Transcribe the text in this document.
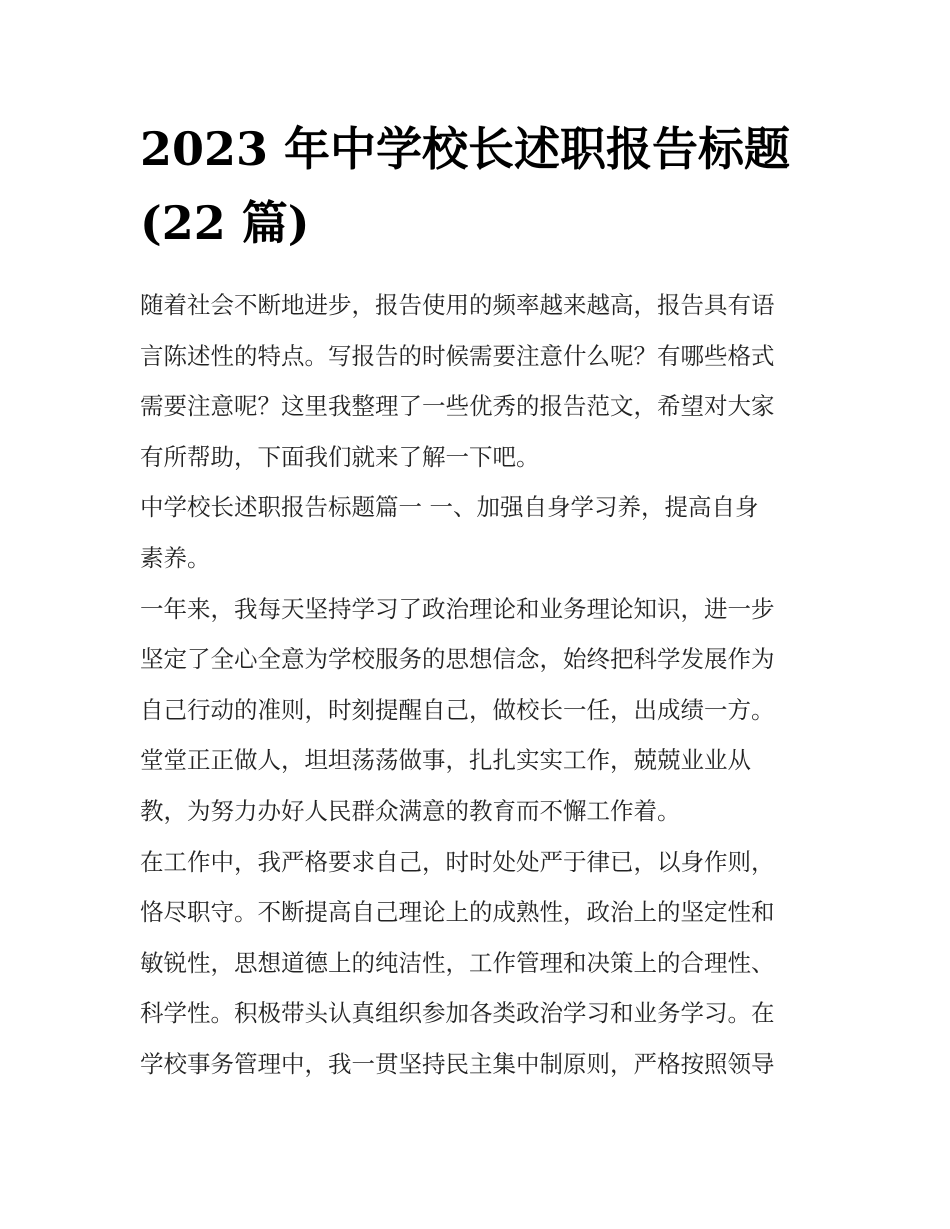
2023 年中学校长述职报告标题
(22 篇)
随着社会不断地进步，报告使用的频率越来越高，报告具有语
言陈述性的特点。写报告的时候需要注意什么呢？有哪些格式
需要注意呢？这里我整理了一些优秀的报告范文，希望对大家
有所帮助，下面我们就来了解一下吧。
中学校长述职报告标题篇一 一、加强自身学习养，提高自身
素养。
一年来，我每天坚持学习了政治理论和业务理论知识，进一步
坚定了全心全意为学校服务的思想信念，始终把科学发展作为
自己行动的准则，时刻提醒自己，做校长一任，出成绩一方。
堂堂正正做人，坦坦荡荡做事，扎扎实实工作，兢兢业业从
教，为努力办好人民群众满意的教育而不懈工作着。
在工作中，我严格要求自己，时时处处严于律已，以身作则，
恪尽职守。不断提高自己理论上的成熟性，政治上的坚定性和
敏锐性，思想道德上的纯洁性，工作管理和决策上的合理性、
科学性。积极带头认真组织参加各类政治学习和业务学习。在
学校事务管理中，我一贯坚持民主集中制原则，严格按照领导
